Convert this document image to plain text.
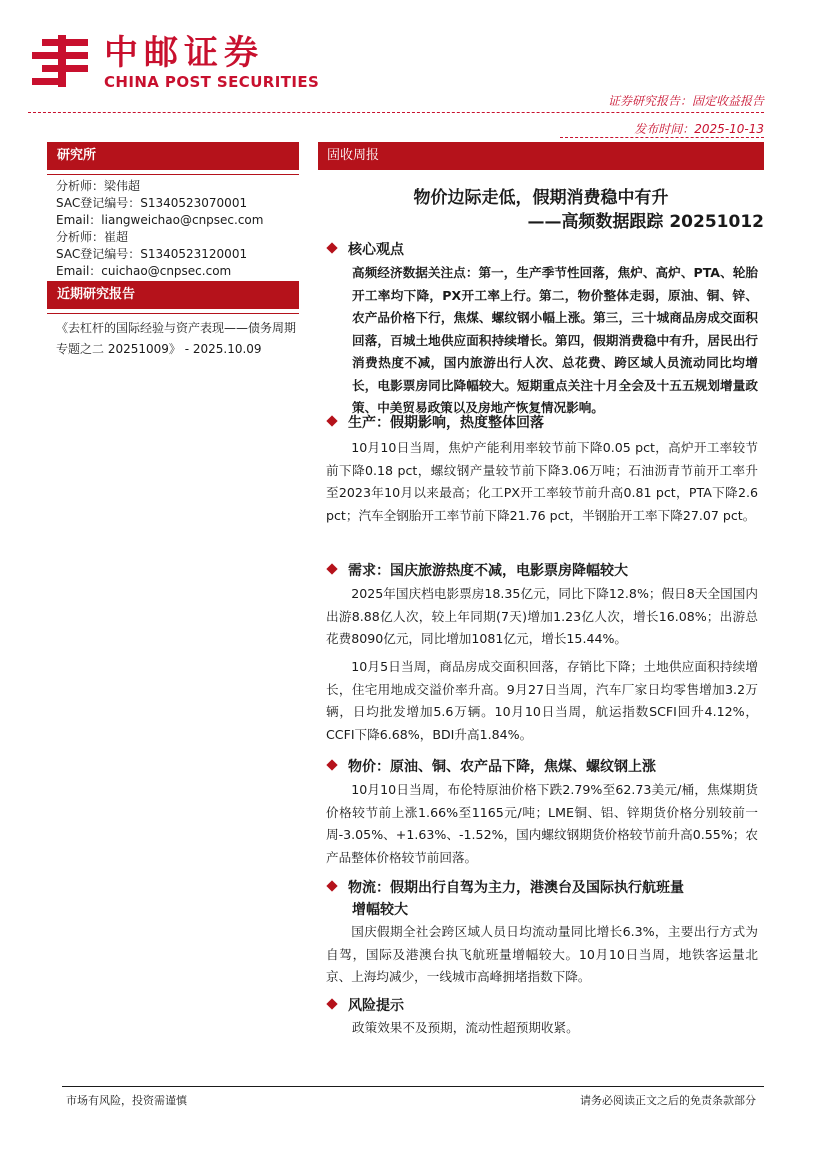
中邮证券
CHINA POST SECURITIES
证券研究报告：固定收益报告
发布时间：2025-10-13
研究所
分析师：梁伟超
SAC登记编号：S1340523070001
Email：liangweichao@cnpsec.com
分析师：崔超
SAC登记编号：S1340523120001
Email：cuichao@cnpsec.com
近期研究报告
《去杠杆的国际经验与资产表现——债务周期专题之二 20251009》 - 2025.10.09
固收周报
物价边际走低，假期消费稳中有升
——高频数据跟踪 20251012
核心观点
高频经济数据关注点：第一，生产季节性回落，焦炉、高炉、PTA、轮胎开工率均下降，PX开工率上行。第二，物价整体走弱，原油、铜、锌、农产品价格下行，焦煤、螺纹钢小幅上涨。第三，三十城商品房成交面积回落，百城土地供应面积持续增长。第四，假期消费稳中有升，居民出行消费热度不减，国内旅游出行人次、总花费、跨区域人员流动同比均增长，电影票房同比降幅较大。短期重点关注十月全会及十五五规划增量政策、中美贸易政策以及房地产恢复情况影响。
生产：假期影响，热度整体回落
10月10日当周，焦炉产能利用率较节前下降0.05 pct，高炉开工率较节前下降0.18 pct，螺纹钢产量较节前下降3.06万吨；石油沥青节前开工率升至2023年10月以来最高；化工PX开工率较节前升高0.81 pct，PTA下降2.6 pct；汽车全钢胎开工率节前下降21.76 pct，半钢胎开工率下降27.07 pct。
需求：国庆旅游热度不减，电影票房降幅较大
2025年国庆档电影票房18.35亿元，同比下降12.8%；假日8天全国国内出游8.88亿人次，较上年同期(7天)增加1.23亿人次，增长16.08%；出游总花费8090亿元，同比增加1081亿元，增长15.44%。
10月5日当周，商品房成交面积回落，存销比下降；土地供应面积持续增长，住宅用地成交溢价率升高。9月27日当周，汽车厂家日均零售增加3.2万辆，日均批发增加5.6万辆。10月10日当周，航运指数SCFI回升4.12%，CCFI下降6.68%，BDI升高1.84%。
物价：原油、铜、农产品下降，焦煤、螺纹钢上涨
10月10日当周，布伦特原油价格下跌2.79%至62.73美元/桶，焦煤期货价格较节前上涨1.66%至1165元/吨；LME铜、铝、锌期货价格分别较前一周-3.05%、+1.63%、-1.52%，国内螺纹钢期货价格较节前升高0.55%；农产品整体价格较节前回落。
物流：假期出行自驾为主力，港澳台及国际执行航班量
增幅较大
国庆假期全社会跨区域人员日均流动量同比增长6.3%，主要出行方式为自驾，国际及港澳台执飞航班量增幅较大。10月10日当周，地铁客运量北京、上海均减少，一线城市高峰拥堵指数下降。
风险提示
政策效果不及预期，流动性超预期收紧。
市场有风险，投资需谨慎	请务必阅读正文之后的免责条款部分
